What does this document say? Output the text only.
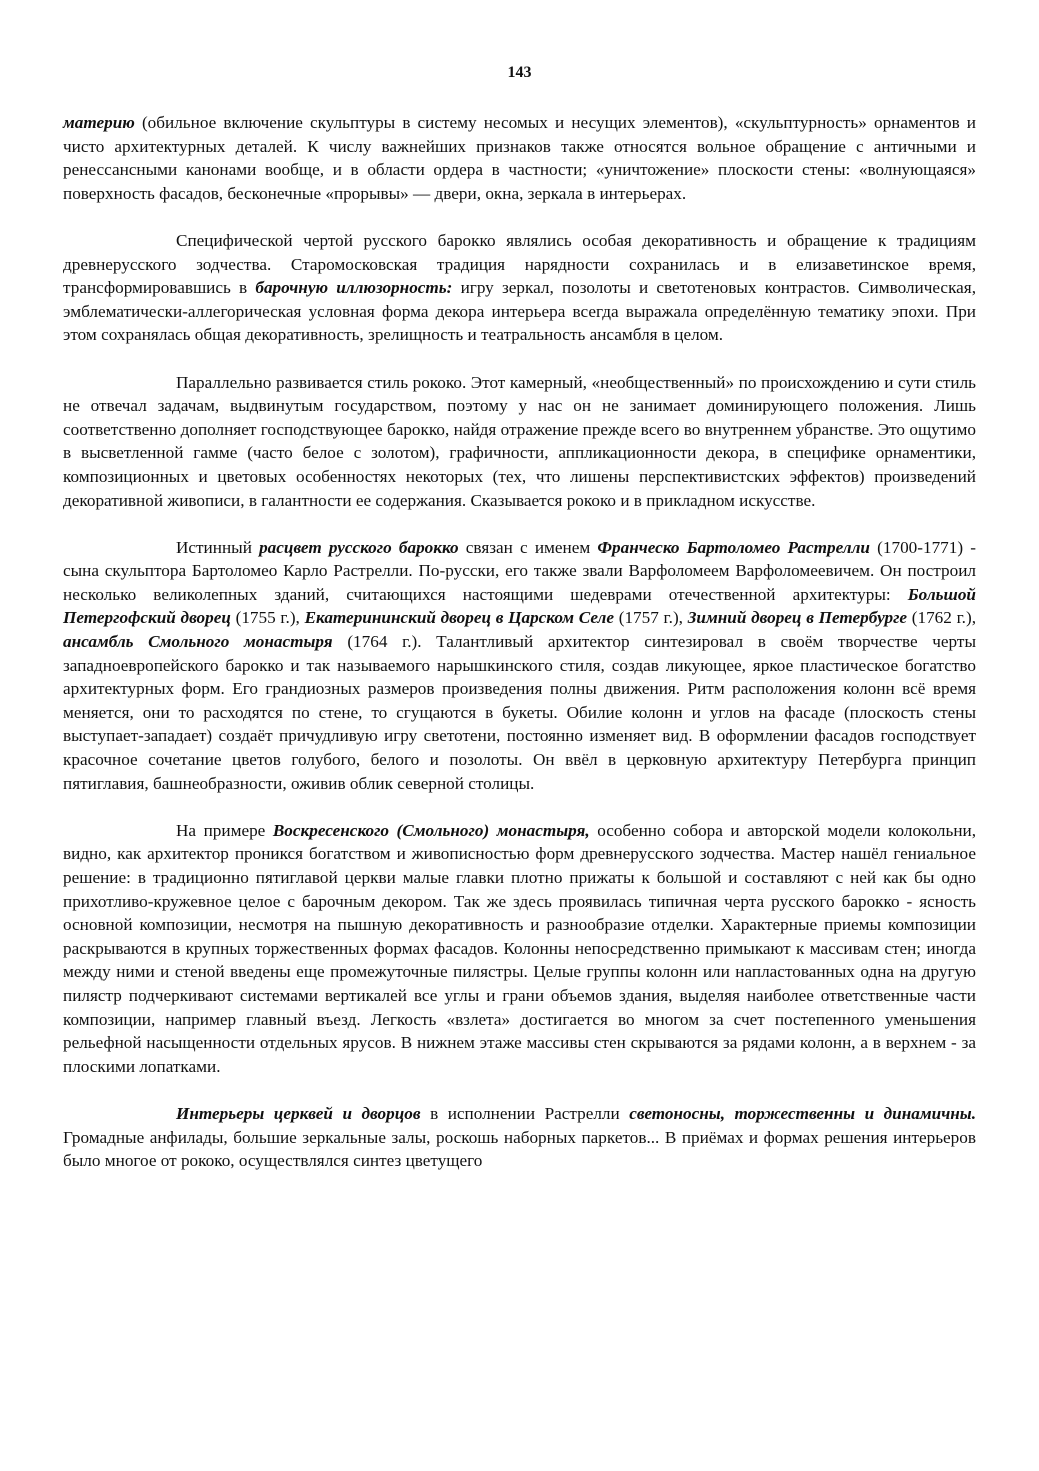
143

материю (обильное включение скульптуры в систему несомых и несущих элементов), «скульптурность» орнаментов и чисто архитектурных деталей. К числу важнейших признаков также относятся вольное обращение с античными и ренессансными канонами вообще, и в области ордера в частности; «уничтожение» плоскости стены: «волнующаяся» поверхность фасадов, бесконечные «прорывы» — двери, окна, зеркала в интерьерах.

Специфической чертой русского барокко являлись особая декоративность и обращение к традициям древнерусского зодчества. Старомосковская традиция нарядности сохранилась и в елизаветинское время, трансформировавшись в барочную иллюзорность: игру зеркал, позолоты и светотеновых контрастов. Символическая, эмблематически-аллегорическая условная форма декора интерьера всегда выражала определённую тематику эпохи. При этом сохранялась общая декоративность, зрелищность и театральность ансамбля в целом.

Параллельно развивается стиль рококо. Этот камерный, «необщественный» по происхождению и сути стиль не отвечал задачам, выдвинутым государством, поэтому у нас он не занимает доминирующего положения. Лишь соответственно дополняет господствующее барокко, найдя отражение прежде всего во внутреннем убранстве. Это ощутимо в высветленной гамме (часто белое с золотом), графичности, аппликационности декора, в специфике орнаментики, композиционных и цветовых особенностях некоторых (тех, что лишены перспективистских эффектов) произведений декоративной живописи, в галантности ее содержания. Сказывается рококо и в прикладном искусстве.

Истинный расцвет русского барокко связан с именем Франческо Бартоломео Растрелли (1700-1771) - сына скульптора Бартоломео Карло Растрелли. По-русски, его также звали Варфоломеем Варфоломеевичем. Он построил несколько великолепных зданий, считающихся настоящими шедеврами отечественной архитектуры: Большой Петергофский дворец (1755 г.), Екатерининский дворец в Царском Селе (1757 г.), Зимний дворец в Петербурге (1762 г.), ансамбль Смольного монастыря (1764 г.). Талантливый архитектор синтезировал в своём творчестве черты западноевропейского барокко и так называемого нарышкинского стиля, создав ликующее, яркое пластическое богатство архитектурных форм. Его грандиозных размеров произведения полны движения. Ритм расположения колонн всё время меняется, они то расходятся по стене, то сгущаются в букеты. Обилие колонн и углов на фасаде (плоскость стены выступает-западает) создаёт причудливую игру светотени, постоянно изменяет вид. В оформлении фасадов господствует красочное сочетание цветов голубого, белого и позолоты. Он ввёл в церковную архитектуру Петербурга принцип пятиглавия, башнеобразности, оживив облик северной столицы.

На примере Воскресенского (Смольного) монастыря, особенно собора и авторской модели колокольни, видно, как архитектор проникся богатством и живописностью форм древнерусского зодчества. Мастер нашёл гениальное решение: в традиционно пятиглавой церкви малые главки плотно прижаты к большой и составляют с ней как бы одно прихотливо-кружевное целое с барочным декором. Так же здесь проявилась типичная черта русского барокко - ясность основной композиции, несмотря на пышную декоративность и разнообразие отделки. Характерные приемы композиции раскрываются в крупных торжественных формах фасадов. Колонны непосредственно примыкают к массивам стен; иногда между ними и стеной введены еще промежуточные пилястры. Целые группы колонн или напластованных одна на другую пилястр подчеркивают системами вертикалей все углы и грани объемов здания, выделяя наиболее ответственные части композиции, например главный въезд. Легкость «взлета» достигается во многом за счет постепенного уменьшения рельефной насыщенности отдельных ярусов. В нижнем этаже массивы стен скрываются за рядами колонн, а в верхнем - за плоскими лопатками.

Интерьеры церквей и дворцов в исполнении Растрелли светоносны, торжественны и динамичны. Громадные анфилады, большие зеркальные залы, роскошь наборных паркетов... В приёмах и формах решения интерьеров было многое от рококо, осуществлялся синтез цветущего
